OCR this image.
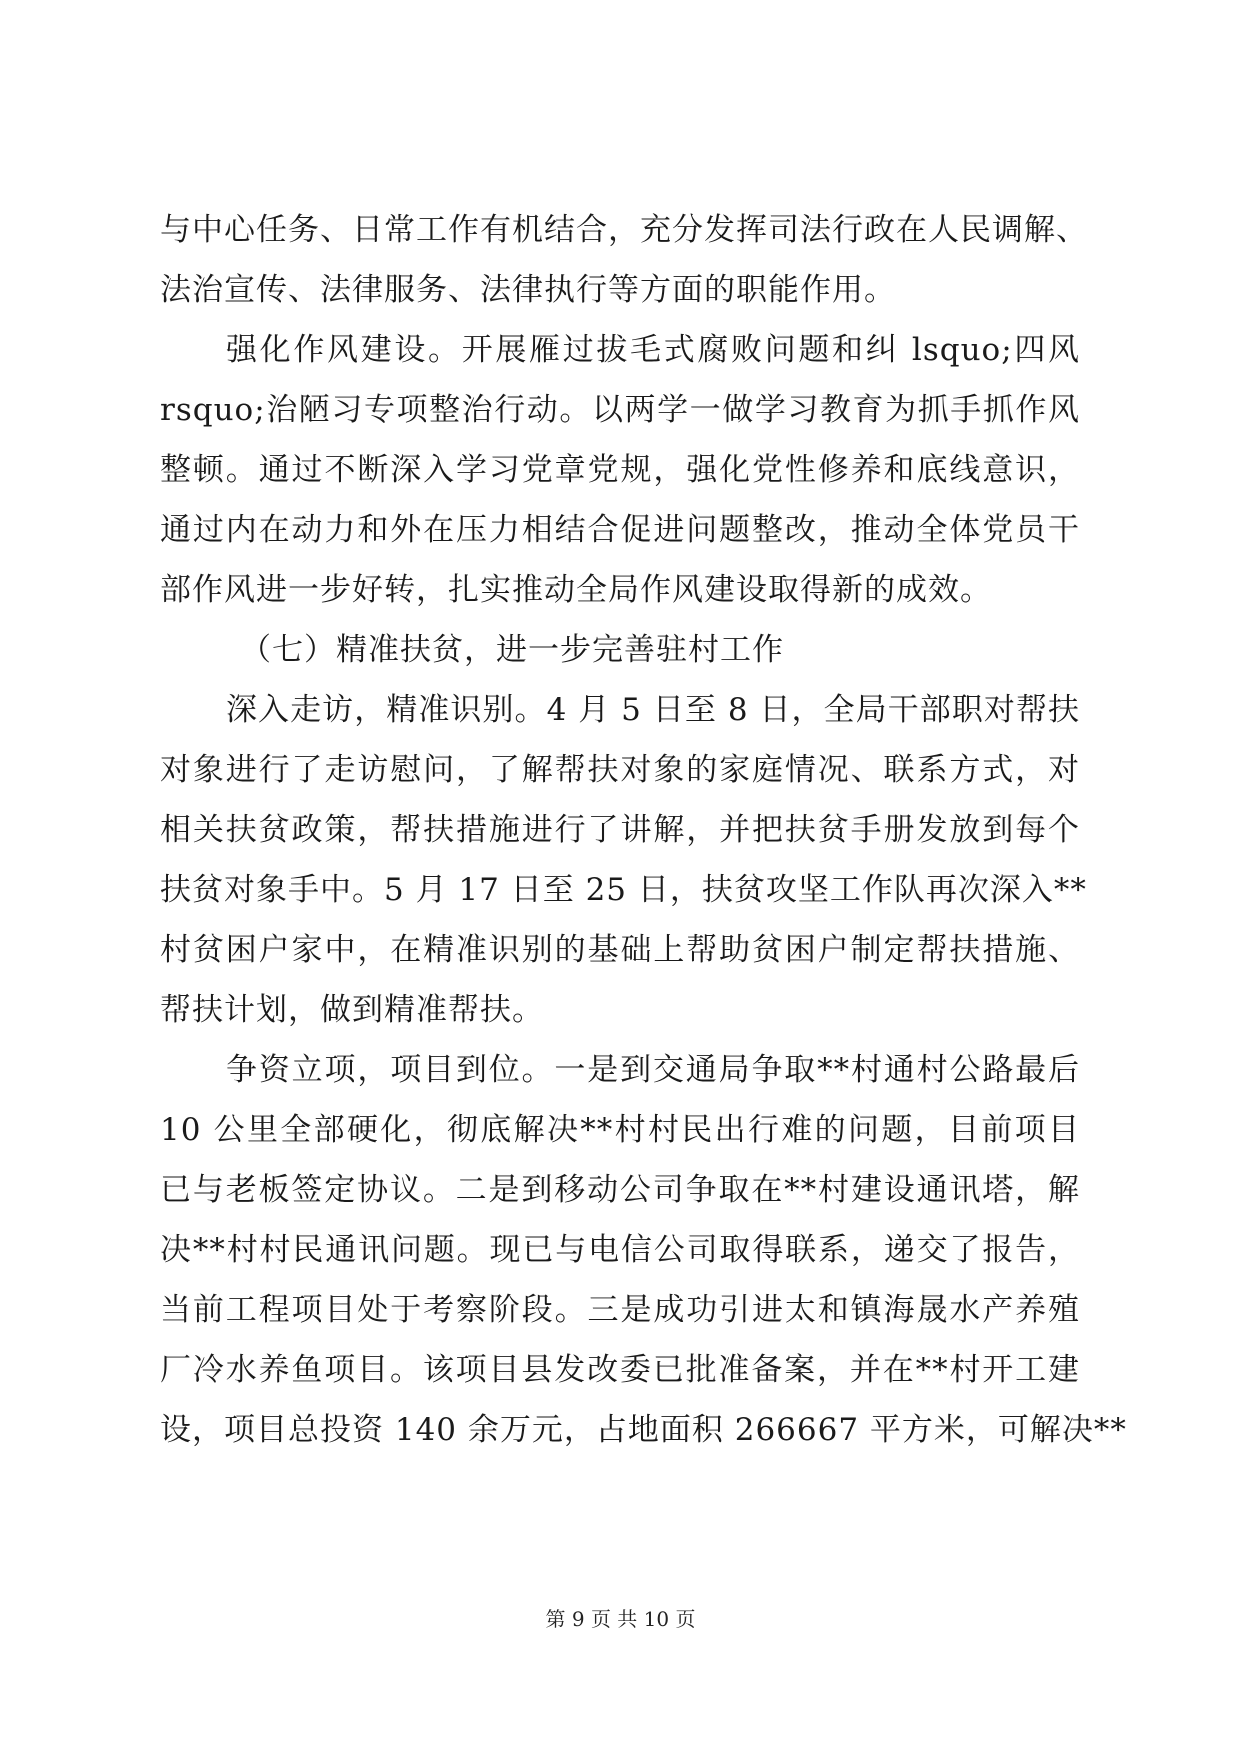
与中心任务、日常工作有机结合，充分发挥司法行政在人民调解、
法治宣传、法律服务、法律执行等方面的职能作用。
强化作风建设。开展雁过拔毛式腐败问题和纠 lsquo;四风
rsquo;治陋习专项整治行动。以两学一做学习教育为抓手抓作风
整顿。通过不断深入学习党章党规，强化党性修养和底线意识，
通过内在动力和外在压力相结合促进问题整改，推动全体党员干
部作风进一步好转，扎实推动全局作风建设取得新的成效。
（七）精准扶贫，进一步完善驻村工作
深入走访，精准识别。4 月 5 日至 8 日，全局干部职对帮扶
对象进行了走访慰问，了解帮扶对象的家庭情况、联系方式，对
相关扶贫政策，帮扶措施进行了讲解，并把扶贫手册发放到每个
扶贫对象手中。5 月 17 日至 25 日，扶贫攻坚工作队再次深入**
村贫困户家中，在精准识别的基础上帮助贫困户制定帮扶措施、
帮扶计划，做到精准帮扶。
争资立项，项目到位。一是到交通局争取**村通村公路最后
10 公里全部硬化，彻底解决**村村民出行难的问题，目前项目
已与老板签定协议。二是到移动公司争取在**村建设通讯塔，解
决**村村民通讯问题。现已与电信公司取得联系，递交了报告，
当前工程项目处于考察阶段。三是成功引进太和镇海晟水产养殖
厂冷水养鱼项目。该项目县发改委已批准备案，并在**村开工建
设，项目总投资 140 余万元，占地面积 266667 平方米，可解决**
第 9 页 共 10 页
